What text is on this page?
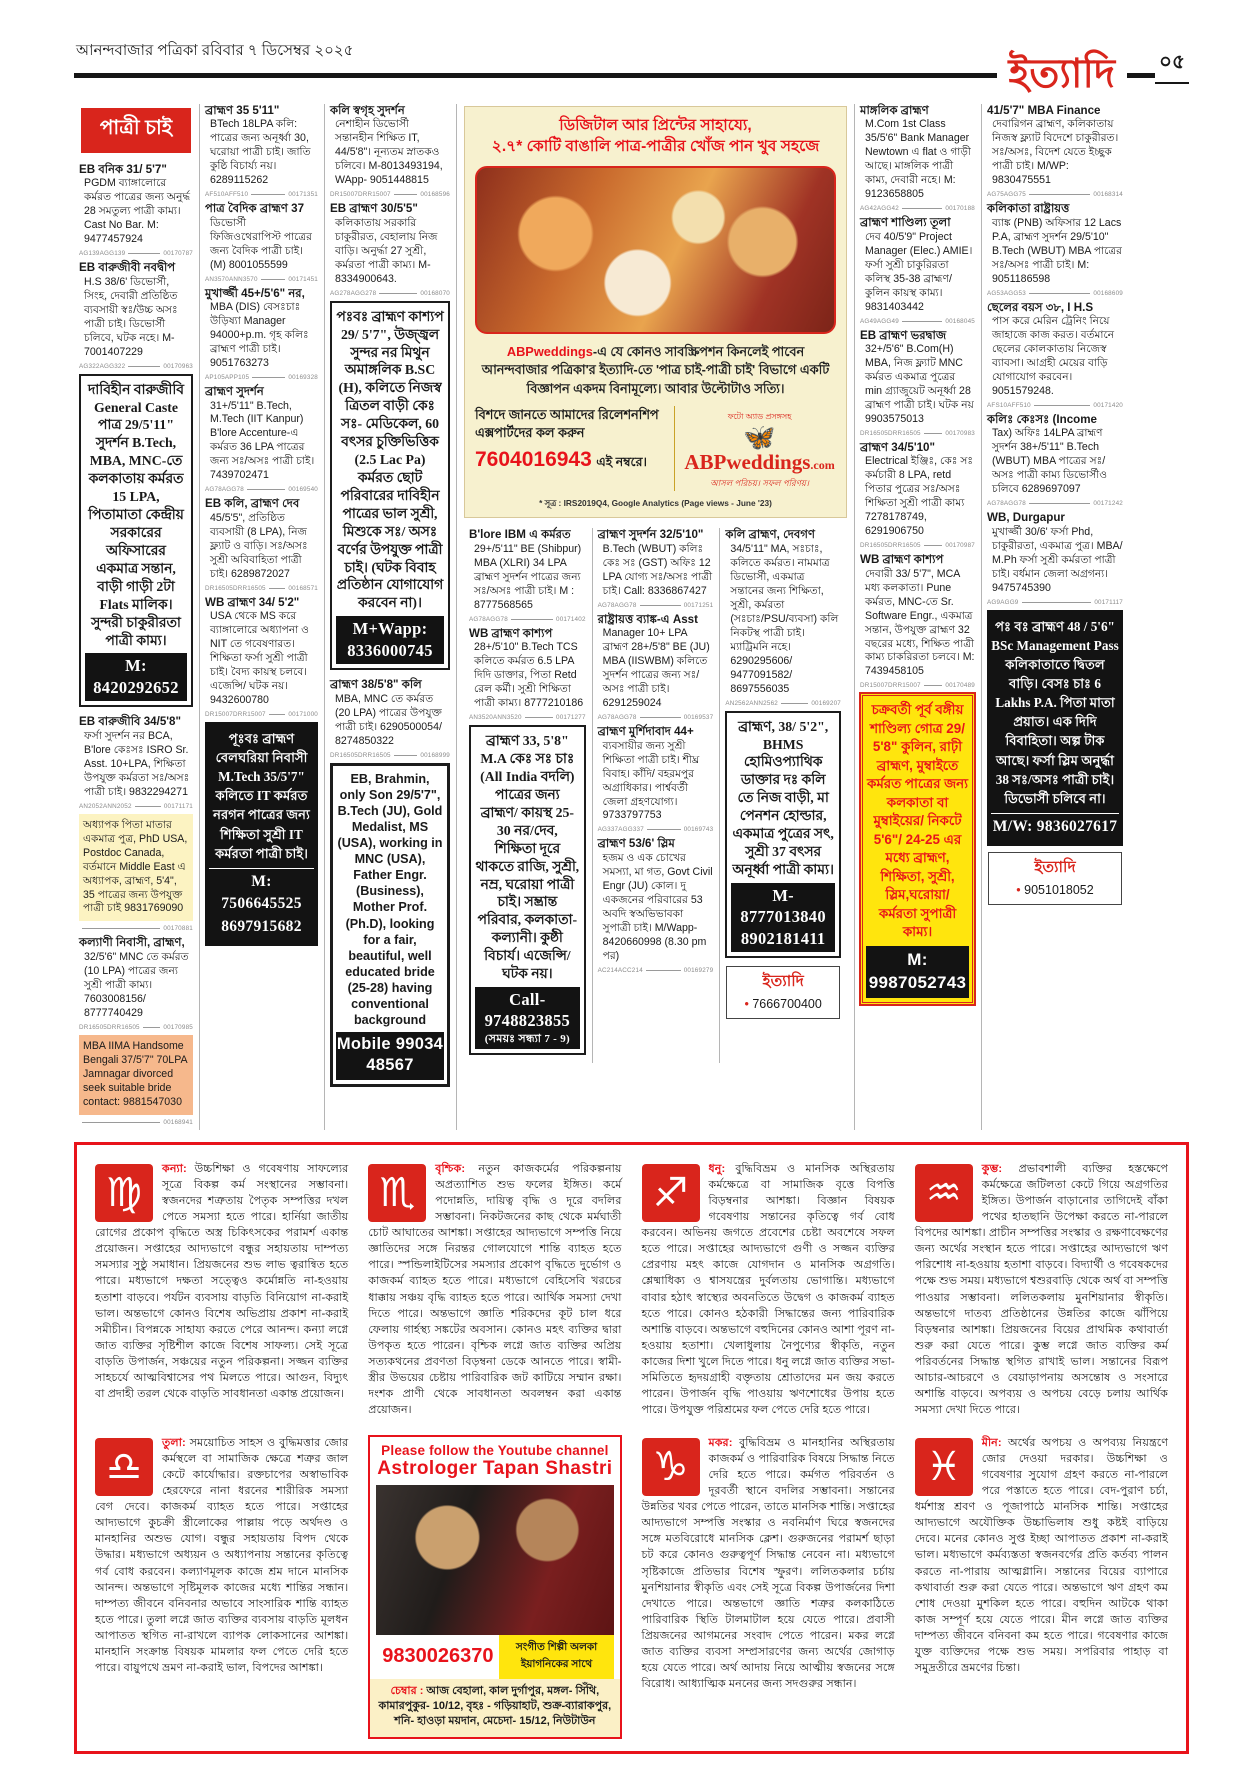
আনন্দবাজার পত্রিকা রবিবার ৭ ডিসেম্বর ২০২৫
ইত্যাদি	০৫
পাত্রী চাই
EB বনিক 31/ 5'7"
PGDM ব্যাঙ্গালোরে কর্মরত পাত্রের জন্য অনুর্দ্ধ 28 সমতুল্য পাত্রী কাম্য। Cast No Bar. M: 9477457924
AG139AGG139	00170787
EB বারুজীবী নবদ্বীপ
H.S 38/6' ডিভোর্সী, সিংহ, দেবারী প্রতিষ্ঠিত ব্যবসায়ী স্বঃ/উচ্চ অসঃ পাত্রী চাই। ডিভোর্সী চলিবে, ঘটক নহে। M-7001407229
AG322AGG322	00170963
দাবিহীন বারুজীবি General Caste পাত্র 29/5'11" সুদর্শন B.Tech, MBA, MNC-তে কলকাতায় কর্মরত 15 LPA, পিতামাতা কেন্দ্রীয় সরকারের অফিসারের একমাত্র সন্তান, বাড়ী গাড়ী 2টা Flats মালিক। সুন্দরী চাকুরীরতা পাত্রী কাম্য।
M: 8420292652
EB বারুজীবি 34/5'8"
ফর্সা সুদর্শন নর BCA, B'lore কেঃসঃ ISRO Sr. Asst. 10+LPA, শিক্ষিতা উপযুক্ত কর্মরতা সঃ/অসঃ পাত্রী চাই। 9832294271
AN2052ANN2052	00171171
অধ্যাপক পিতা মাতার একমাত্র পুত্র, PhD USA, Postdoc Canada, বর্তমানে Middle East এ অধ্যাপক, ব্রাহ্মণ, 5'4", 35 পাত্রের জন্য উপযুক্ত পাত্রী চাই 9831769090
00170881
কল্যাণী নিবাসী, ব্রাহ্মণ,
32/5'6" MNC তে কর্মরত (10 LPA) পাত্রের জন্য সুশ্রী পাত্রী কাম্য। 7603008156/ 8777740429
DR16505DRR16505	00170985
MBA IIMA Handsome Bengali 37/5'7" 70LPA Jamnagar divorced seek suitable bride contact: 9881547030
00168941
ব্রাহ্মণ 35 5'11"
BTech 18LPA কলি: পাত্রের জন্য অনূর্ধ্বা 30, ঘরোয়া পাত্রী চাই। জাতি কুষ্ঠি বিচার্য্য নয়। 6289115262
AF510AFF510	00171351
পাত্র বৈদিক ব্রাহ্মণ 37
ডিভোর্সী ফিজিওথেরাপিস্ট পাত্রের জন্য বৈদিক পাত্রী চাই। (M) 8001055599
AN3570ANN3570	00171451
মুখার্জ্জী 45+/5'6" নর,
MBA (DIS) বেসঃচাঃ উড়িষ্যা Manager 94000+p.m. গৃহ কলিঃ ব্রাহ্মণ পাত্রী চাই। 9051763273
AP105APP105	00169328
ব্রাহ্মণ সুদর্শন
31+/5'11" B.Tech, M.Tech (IIT Kanpur) B'lore Accenture-এ কর্মরত 36 LPA পাত্রের জন্য সঃ/অসঃ পাত্রী চাই। 7439702471
AG78AGG78	00169540
EB কলি, ব্রাহ্মণ দেব
45/5'5", প্রতিষ্ঠিত ব্যবসায়ী (8 LPA), নিজ ফ্ল্যাট ও বাড়ি। সঃ/অসঃ সুশ্রী অবিবাহিতা পাত্রী চাই। 6289872027
DR16505DRR16505	00168571
WB ব্রাহ্মণ 34/ 5'2"
USA থেকে MS করে ব্যাঙ্গালোরে অধ্যাপনা ও NIT তে গবেষণারত। শিক্ষিতা ফর্সা সুশ্রী পাত্রী চাই। বৈদ্য কায়স্থ চলবে। এজেন্সি/ ঘটক নয়। 9432600780
DR15007DRR15007	00171000
পূঃবঃ ব্রাহ্মণ বেলঘরিয়া নিবাসী M.Tech 35/5'7" কলিতে IT কর্মরত নরগন পাত্রের জন্য শিক্ষিতা সুশ্রী IT কর্মরতা পাত্রী চাই।
M: 7506645525 8697915682
কলি স্বগৃহ সুদর্শন
নেশাহীন ডিভোর্সী সন্তানহীন শিক্ষিত IT, 44/5'8"। নূন্যতম স্নাতকও চলিবে। M-8013493194, WApp- 9051448815
DR15007DRR15007	00168596
EB ব্রাহ্মণ 30/5'5"
কলিকাতায় সরকারি চাকুরীরত, বেহালায় নিজ বাড়ি। অনুর্দ্ধা 27 সুশ্রী, কর্মরতা পাত্রী কাম্য। M- 8334900643.
AG278AGG278	00168070
পঃবঃ ব্রাহ্মণ কাশ্যপ 29/ 5'7", উজ্জ্বল সুন্দর নর মিথুন অমাঙ্গলিক B.SC (H), কলিতে নিজস্ব ত্রিতল বাড়ী কেঃ সঃ- মেডিকেল, 60 বৎসর চুক্তিভিত্তিক (2.5 Lac Pa) কর্মরত ছোট পরিবারের দাবিহীন পাত্রের ভাল সুশ্রী, মিশুকে সঃ/ অসঃ বর্ণের উপযুক্ত পাত্রী চাই। (ঘটক বিবাহ প্রতিষ্ঠান যোগাযোগ করবেন না)।
M+Wapp: 8336000745
ব্রাহ্মণ 38/5'8" কলি
MBA, MNC তে কর্মরত (20 LPA) পাত্রের উপযুক্ত পাত্রী চাই। 6290500054/ 8274850322
DR16505DRR16505	00168999
EB, Brahmin, only Son 29/5'7", B.Tech (JU), Gold Medalist, MS (USA), working in MNC (USA), Father Engr. (Business), Mother Prof. (Ph.D), looking for a fair, beautiful, well educated bride (25-28) having conventional background
Mobile 99034 48567
ডিজিটাল আর প্রিন্টের সাহায্যে,
২.৭* কোটি বাঙালি পাত্র-পাত্রীর খোঁজ পান খুব সহজে
ABPweddings-এ যে কোনও সাবস্ক্রিপশন কিনলেই পাবেন আনন্দবাজার পত্রিকা'র ইত্যাদি-তে 'পাত্র চাই-পাত্রী চাই' বিভাগে একটি বিজ্ঞাপন একদম বিনামূল্যে। আবার উল্টোটাও সত্যি।
বিশদে জানতে আমাদের রিলেশনশিপ এক্সপার্টদের কল করুন
7604016943 এই নম্বরে।
ফটো অ্যাড প্রসঙ্গসহ
🦋
ABPweddings.com
আসল পরিচয়। সফল পরিণয়।
* সূত্র : IRS2019Q4, Google Analytics (Page views - June '23)
B'lore IBM এ কর্মরত
29+/5'11" BE (Shibpur) MBA (XLRI) 34 LPA ব্রাহ্মণ সুদর্শন পাত্রের জন্য সঃ/অসঃ পাত্রী চাই। M : 8777568565
AG78AGG78	00171402
WB ব্রাহ্মণ কাশ্যপ
28+/5'10" B.Tech TCS কলিতে কর্মরত 6.5 LPA দিদি ডাক্তার, পিতা Retd রেল কর্মী। সুশ্রী শিক্ষিতা পাত্রী কাম্য। 8777210186
AN3520ANN3520	00171277
ব্রাহ্মণ 33, 5'8" M.A কেঃ সঃ চাঃ (All India বদলি) পাত্রের জন্য ব্রাহ্মণ/ কায়স্থ 25-30 নর/দেব, শিক্ষিতা দূরে থাকতে রাজি, সুশ্রী, নম্র, ঘরোয়া পাত্রী চাই। সম্ভ্রান্ত পরিবার, কলকাতা- কল্যানী। কুষ্ঠী বিচার্য। এজেন্সি/ঘটক নয়।
Call-9748823855
(সময়ঃ সন্ধ্যা 7 - 9)
ব্রাহ্মণ সুদর্শন 32/5'10"
B.Tech (WBUT) কলিঃ কেঃ সঃ (GST) অফিঃ 12 LPA যোগ্য সঃ/অসঃ পাত্রী চাই। Call: 8336867427
AG78AGG78	00171251
রাষ্ট্রায়ত্ত ব্যাঙ্ক-এ Asst
Manager 10+ LPA ব্রাহ্মণ 28+/5'8" BE (JU) MBA (IISWBM) কলিতে সুদর্শন পাত্রের জন্য সঃ/অসঃ পাত্রী চাই। 6291259024
AG78AGG78	00169537
ব্রাহ্মণ মুর্শিদাবাদ 44+
ব্যবসায়ীর জন্য সুশ্রী শিক্ষিতা পাত্রী চাই। শীঘ্র বিবাহ। কাঁদি/ বহরমপুর অগ্রাধিকার। পার্শ্ববর্তী জেলা গ্রহণযোগ্য। 9733797753
AG337AGG337	00169743
ব্রাহ্মণ 53/6' স্লিম
হজম ও এক চোখের সমস্যা, মা গত, Govt Civil Engr (JU) কোল। দু একজনের পরিবারের 53 অবদি স্বঅভিভাবকা সুপাত্রী চাই। M/Wapp- 8420660998 (8.30 pm পর)
AC214ACC214	00169279
কলি ব্রাহ্মণ, দেবগণ
34/5'11" MA, সঃচাঃ, কলিতে কর্মরত। নামমাত্র ডিভোর্সী, একমাত্র সন্তানের জন্য শিক্ষিতা, সুশ্রী, কর্মরতা (সঃচাঃ/PSU/ব্যবসা) কলি নিকটস্থ পাত্রী চাই। ম্যাট্রিমনি নহে। 6290295606/ 9477091582/ 8697556035
AN2562ANN2562	00169207
ব্রাহ্মণ, 38/ 5'2", BHMS হোমিওপ্যাথিক ডাক্তার দঃ কলি তে নিজ বাড়ী, মা পেনশন হোল্ডার, একমাত্র পুত্রের সৎ, সুশ্রী 37 বৎসর অনূর্ধ্বা পাত্রী কাম্য।
M- 8777013840 8902181411
ইত্যাদি
• 7666700400
মাঙ্গলিক ব্রাহ্মণ
M.Com 1st Class 35/5'6" Bank Manager Newtown এ flat ও গাড়ী আছে। মাঙ্গলিক পাত্রী কাম্য, দেবারী নহে। M: 9123658805
AG42AGG42	00170188
ব্রাহ্মণ শাণ্ডিল্য তূলা
দেব 40/5'9" Project Manager (Elec.) AMIE। ফর্সা সুশ্রী চাকুরিরতা কলিস্থ 35-38 ব্রাহ্মণ/কুলিন কায়স্থ কাম্য। 9831403442
AG49AGG49	00168045
EB ব্রাহ্মণ ভরদ্বাজ
32+/5'6" B.Com(H) MBA, নিজ ফ্ল্যাট MNC কর্মরত একমাত্র পুত্রের min গ্র্যাজুয়েট অনূর্ধ্বা 28 ব্রাহ্মণ পাত্রী চাই। ঘটক নয় 9903575013
DR16505DRR16505	00170983
ব্রাহ্মণ 34/5'10"
Electrical ইঞ্জিঃ, কেঃ সঃ কর্মচারী 8 LPA, retd পিতার পুত্রের সঃ/অসঃ শিক্ষিতা সুশ্রী পাত্রী কাম্য 7278178749, 6291906750
DR16505DRR16505	00170987
WB ব্রাহ্মণ কাশ্যপ
দেবারী 33/ 5'7", MCA মধ্য কলকাতা। Pune কর্মরত, MNC-তে Sr. Software Engr., একমাত্র সন্তান, উপযুক্ত ব্রাহ্মণ 32 বছরের মধ্যে, শিক্ষিত পাত্রী কাম্য চাকরিরতা চলবে। M: 7439458105
DR15007DRR15007	00170489
চক্রবর্তী পূর্ব বঙ্গীয় শাণ্ডিল্য গোত্র 29/ 5'8" কুলিন, রাঢ়ী ব্রাহ্মণ, মুম্বাইতে কর্মরত পাত্রের জন্য কলকাতা বা মুম্বাইয়ের/ নিকটে 5'6"/ 24-25 এর মধ্যে ব্রাহ্মণ, শিক্ষিতা, সুশ্রী, স্লিম,ঘরোয়া/ কর্মরতা সুপাত্রী কাম্য।
M: 9987052743
41/5'7" MBA Finance
দেবারিগন ব্রাহ্মণ, কলিকাতায় নিজস্ব ফ্ল্যাট বিদেশে চাকুরীরত। সঃ/অসঃ, বিদেশ যেতে ইচ্ছুক পাত্রী চাই। M/WP: 9830475551
AG75AGG75	00168314
কলিকাতা রাষ্ট্রায়ত্ত
ব্যাঙ্ক (PNB) অফিসার 12 Lacs P.A, ব্রাহ্মণ সুদর্শন 29/5'10" B.Tech (WBUT) MBA পাত্রের সঃ/অসঃ পাত্রী চাই। M: 9051186598
AG53AGG53	00168609
ছেলের বয়স ৩৮, I H.S
পাস করে মেরিন ট্রেনিং নিয়ে জাহাজে কাজ করত। বর্তমানে ছেলের কোলকাতায় নিজেস্ব ব্যাবসা। আগ্রহী মেয়ের বাড়ি যোগাযোগ করবেন। 9051579248.
AFS10AFF510	00171420
কলিঃ কেঃসঃ (Income
Tax) অফিঃ 14LPA ব্রাহ্মণ সুদর্শন 38+/5'11" B.Tech (WBUT) MBA পাত্রের সঃ/অসঃ পাত্রী কাম্য ডিভোর্সীও চলিবে 6289697097
AG78AGG78	00171242
WB, Durgapur
মুখার্জ্জী 30/6' ফর্সা Phd, চাকুরীরতা, একমাত্র পুত্র। MBA/ M.Ph ফর্সা সুশ্রী কর্মরতা পাত্রী চাই। বর্ধমান জেলা অগ্রগন্য। 9475745390
AG9AGG9	00171117
পঃ বঃ ব্রাহ্মণ 48 / 5'6" BSc Management Pass কলিকাতাতে দ্বিতল বাড়ি। বেসঃ চাঃ 6 Lakhs P.A. পিতা মাতা প্রয়াত। এক দিদি বিবাহিতা। অল্প টাক আছে। ফর্সা স্লিম অনুর্দ্ধা 38 সঃ/অসঃ পাত্রী চাই। ডিভোর্সী চলিবে না।
M/W: 9836027617
ইত্যাদি
• 9051018052
♍
কন্যা: উচ্চশিক্ষা ও গবেষণায় সাফল্যের সূত্রে বিকল্প কর্ম সংস্থানের সম্ভাবনা। স্বজনদের শত্রুতায় পৈতৃক সম্পত্তির দখল পেতে সমস্যা হতে পারে। হার্নিয়া জাতীয় রোগের প্রকোপ বৃদ্ধিতে অস্ত্র চিকিৎসকের পরামর্শ একান্ত প্রয়োজন। সপ্তাহের আদ্যভাগে বন্ধুর সহায়তায় দাম্পত্য সমস্যার সুষ্ঠু সমাধান। প্রিয়জনের শুভ লাভ ত্বরান্বিত হতে পারে। মধ্যভাগে দক্ষতা সত্ত্বেও কর্মোন্নতি না-হওয়ায় হতাশা বাড়বে। পর্যটন ব্যবসায় বাড়তি বিনিয়োগ না-করাই ভাল। অন্তভাগে কোনও বিশেষ অভিপ্রায় প্রকাশ না-করাই সমীচীন। বিপন্নকে সাহায্য করতে পেরে আনন্দ। কন্যা লগ্নে জাত ব্যক্তির সৃষ্টিশীল কাজে বিশেষ সাফল্য। সেই সূত্রে বাড়তি উপার্জন, সঞ্চয়ের নতুন পরিকল্পনা। সজ্জন ব্যক্তির সাহচর্যে আত্মবিশ্বাসের পথ মিলতে পারে। আগুন, বিদ্যুৎ বা প্রদাহী তরল থেকে বাড়তি সাবধানতা একান্ত প্রয়োজন।
♏
বৃশ্চিক: নতুন কাজকর্মের পরিকল্পনায় অপ্রত্যাশিত শুভ ফলের ইঙ্গিত। কর্মে পদোন্নতি, দায়িত্ব বৃদ্ধি ও দূরে বদলির সম্ভাবনা। নিকটজনের কাছ থেকে মর্মঘাতী চোট আঘাতের আশঙ্কা। সপ্তাহের আদ্যভাগে সম্পত্তি নিয়ে জ্ঞাতিদের সঙ্গে নিরন্তর গোলযোগে শান্তি ব্যাহত হতে পারে। স্পন্ডিলাইটিসের সমস্যার প্রকোপ বৃদ্ধিতে দুর্ভোগ ও কাজকর্ম ব্যাহত হতে পারে। মধ্যভাগে বেহিসেবি খরচের ধাক্কায় সঞ্চয় বৃদ্ধি ব্যাহত হতে পারে। আর্থিক সমস্যা দেখা দিতে পারে। অন্তভাগে জ্ঞাতি শরিকদের কূট চাল ধরে ফেলায় গার্হস্থ্য সঙ্কটের অবসান। কোনও মহৎ ব্যক্তির দ্বারা উপকৃত হতে পারেন। বৃশ্চিক লগ্নে জাত ব্যক্তির অপ্রিয় সত্যকথনের প্রবণতা বিড়ম্বনা ডেকে আনতে পারে। স্বামী-স্ত্রীর উভয়ের চেষ্টায় পারিবারিক জট কাটিয়ে সম্মান রক্ষা। দংশক প্রাণী থেকে সাবধানতা অবলম্বন করা একান্ত প্রয়োজন।
♐
ধনু: বুদ্ধিবিভ্রম ও মানসিক অস্থিরতায় কর্মক্ষেত্রে বা সামাজিক বৃত্তে বিপত্তি বিড়ম্বনার আশঙ্কা। বিজ্ঞান বিষয়ক গবেষণায় সন্তানের কৃতিত্বে গর্ব বোধ করবেন। অভিনয় জগতে প্রবেশের চেষ্টা অবশেষে সফল হতে পারে। সপ্তাহের আদ্যভাগে গুণী ও সজ্জন ব্যক্তির প্রেরণায় মহৎ কাজে যোগদান ও মানসিক অগ্রগতি। শ্লেষ্মাধিক্য ও শ্বাসযন্ত্রের দুর্বলতায় ভোগান্তি। মধ্যভাগে বাবার হঠাৎ স্বাস্থ্যের অবনতিতে উদ্বেগ ও কাজকর্ম ব্যাহত হতে পারে। কোনও হঠকারী সিদ্ধান্তের জন্য পারিবারিক অশান্তি বাড়বে। অন্তভাগে বহুদিনের কোনও আশা পূরণ না-হওয়ায় হতাশা। খেলাধুলায় নৈপুণ্যের স্বীকৃতি, নতুন কাজের দিশা খুলে দিতে পারে। ধনু লগ্নে জাত ব্যক্তির সভা-সমিতিতে হৃদয়গ্রাহী বক্তৃতায় শ্রোতাদের মন জয় করতে পারেন। উপার্জন বৃদ্ধি পাওয়ায় ঋণশোধের উপায় হতে পারে। উপযুক্ত পরিশ্রমের ফল পেতে দেরি হতে পারে।
♒
কুম্ভ: প্রভাবশালী ব্যক্তির হস্তক্ষেপে কর্মক্ষেত্রে জটিলতা কেটে গিয়ে অগ্রগতির ইঙ্গিত। উপার্জন বাড়ানোর তাগিদেই বাঁকা পথের হাতছানি উপেক্ষা করতে না-পারলে বিপদের আশঙ্কা। প্রাচীন সম্পত্তির সংস্কার ও রক্ষণাবেক্ষণের জন্য অর্থের সংস্থান হতে পারে। সপ্তাহের আদ্যভাগে ঋণ পরিশোধ না-হওয়ায় হতাশা বাড়বে। বিদ্যার্থী ও গবেষকদের পক্ষে শুভ সময়। মধ্যভাগে শ্বশুরবাড়ি থেকে অর্থ বা সম্পত্তি পাওয়ার সম্ভাবনা। ললিতকলায় মুনশিয়ানার স্বীকৃতি। অন্তভাগে দাতব্য প্রতিষ্ঠানের উন্নতির কাজে ঝাঁপিয়ে বিড়ম্বনার আশঙ্কা। প্রিয়জনের বিয়ের প্রাথমিক কথাবার্তা শুরু করা যেতে পারে। কুম্ভ লগ্নে জাত ব্যক্তির কর্ম পরিবর্তনের সিদ্ধান্ত স্থগিত রাখাই ভাল। সন্তানের বিরূপ আচার-আচরণে ও বেয়াড়াপনায় অসন্তোষ ও সংসারে অশান্তি বাড়বে। অপব্যয় ও অপচয় বেড়ে চলায় আর্থিক সমস্যা দেখা দিতে পারে।
♎
তুলা: সময়োচিত সাহস ও বুদ্ধিমত্তার জোর কর্মস্থলে বা সামাজিক ক্ষেত্রে শত্রুর জাল কেটে কার্যোদ্ধার। রক্তচাপের অস্বাভাবিক হেরফেরে নানা ধরনের শারীরিক সমস্যা বেগ দেবে। কাজকর্ম ব্যাহত হতে পারে। সপ্তাহের আদ্যভাগে কুচক্রী স্ত্রীলোকের পাল্লায় পড়ে অর্থদণ্ড ও মানহানির অশুভ যোগ। বন্ধুর সহায়তায় বিপদ থেকে উদ্ধার। মধ্যভাগে অধ্যয়ন ও অধ্যাপনায় সন্তানের কৃতিত্বে গর্ব বোধ করবেন। কল্যাণমূলক কাজে শ্রম দানে মানসিক আনন্দ। অন্তভাগে সৃষ্টিমূলক কাজের মধ্যে শান্তির সন্ধান। দাম্পত্য জীবনে বনিবনার অভাবে সাংসারিক শান্তি ব্যাহত হতে পারে। তুলা লগ্নে জাত ব্যক্তির ব্যবসায় বাড়তি মূলধন আপাতত স্থগিত না-রাখলে ব্যাপক লোকসানের আশঙ্কা। মানহানি সংক্রান্ত বিষয়ক মামলার ফল পেতে দেরি হতে পারে। বায়ুপথে ভ্রমণ না-করাই ভাল, বিপদের আশঙ্কা।
Please follow the Youtube channel
Astrologer Tapan Shastri
9830026370	সংগীত শিল্পী অলকা ইয়াগনিকের সাথে
চেম্বার : আজ বেহালা, কাল দুর্গাপুর, মঙ্গল- সিঁথি, কামারপুকুর- 10/12, বৃহঃ - গড়িয়াহাট, শুক্র-ব্যারাকপুর, শনি- হাওড়া ময়দান, মেচেদা- 15/12, নিউটাউন
♑
মকর: বুদ্ধিবিভ্রম ও মানহানির অস্থিরতায় কাজকর্ম ও পারিবারিক বিষয়ে সিদ্ধান্ত নিতে দেরি হতে পারে। কর্মগত পরিবর্তন ও দূরবর্তী স্থানে বদলির সম্ভাবনা। সন্তানের উন্নতির খবর পেতে পারেন, তাতে মানসিক শান্তি। সপ্তাহের আদ্যভাগে সম্পত্তি সংস্কার ও নবনির্মাণ ঘিরে স্বজনদের সঙ্গে মতবিরোধে মানসিক ক্লেশ। গুরুজনের পরামর্শ ছাড়া চট করে কোনও গুরুত্বপূর্ণ সিদ্ধান্ত নেবেন না। মধ্যভাগে সৃষ্টিকাজে প্রতিভার বিশেষ স্ফুরণ। ললিতকলার চর্চায় মুনশিয়ানার স্বীকৃতি এবং সেই সূত্রে বিকল্প উপার্জনের দিশা দেখাতে পারে। অন্তভাগে জ্ঞাতি শত্রুর কলকাঠিতে পারিবারিক স্থিতি টালমাটাল হয়ে যেতে পারে। প্রবাসী প্রিয়জনের আগমনের সংবাদ পেতে পারেন। মকর লগ্নে জাত ব্যক্তির ব্যবসা সম্প্রসারণের জন্য অর্থের জোগাড় হয়ে যেতে পারে। অর্থ আদায় নিয়ে আত্মীয় স্বজনের সঙ্গে বিরোধ। আধ্যাত্মিক মননের জন্য সদগুরুর সন্ধান।
♓
মীন: অর্থের অপচয় ও অপব্যয় নিয়ন্ত্রণে জোর দেওয়া দরকার। উচ্চশিক্ষা ও গবেষণার সুযোগ গ্রহণ করতে না-পারলে পরে পস্তাতে হতে পারে। বেদ-পুরাণ চর্চা, ধর্মশাস্ত্র শ্রবণ ও পূজাপাঠে মানসিক শান্তি। সপ্তাহের আদ্যভাগে অযৌক্তিক উচ্চাভিলাষ শুধু কষ্টই বাড়িয়ে দেবে। মনের কোনও সুপ্ত ইচ্ছা আপাতত প্রকাশ না-করাই ভাল। মধ্যভাগে কর্মব্যস্ততা স্বজনবর্গের প্রতি কর্তব্য পালন করতে না-পারায় আত্মগ্লানি। সন্তানের বিয়ের ব্যাপারে কথাবার্তা শুরু করা যেতে পারে। অন্তভাগে ঋণ গ্রহণ কম শোধ দেওয়া মুশকিল হতে পারে। বহুদিন আটকে থাকা কাজ সম্পূর্ণ হয়ে যেতে পারে। মীন লগ্নে জাত ব্যক্তির দাম্পত্য জীবনে বনিবনা কম হতে পারে। গবেষণার কাজে যুক্ত ব্যক্তিদের পক্ষে শুভ সময়। সপরিবার পাহাড় বা সমুদ্রতীরে ভ্রমণের চিন্তা।
